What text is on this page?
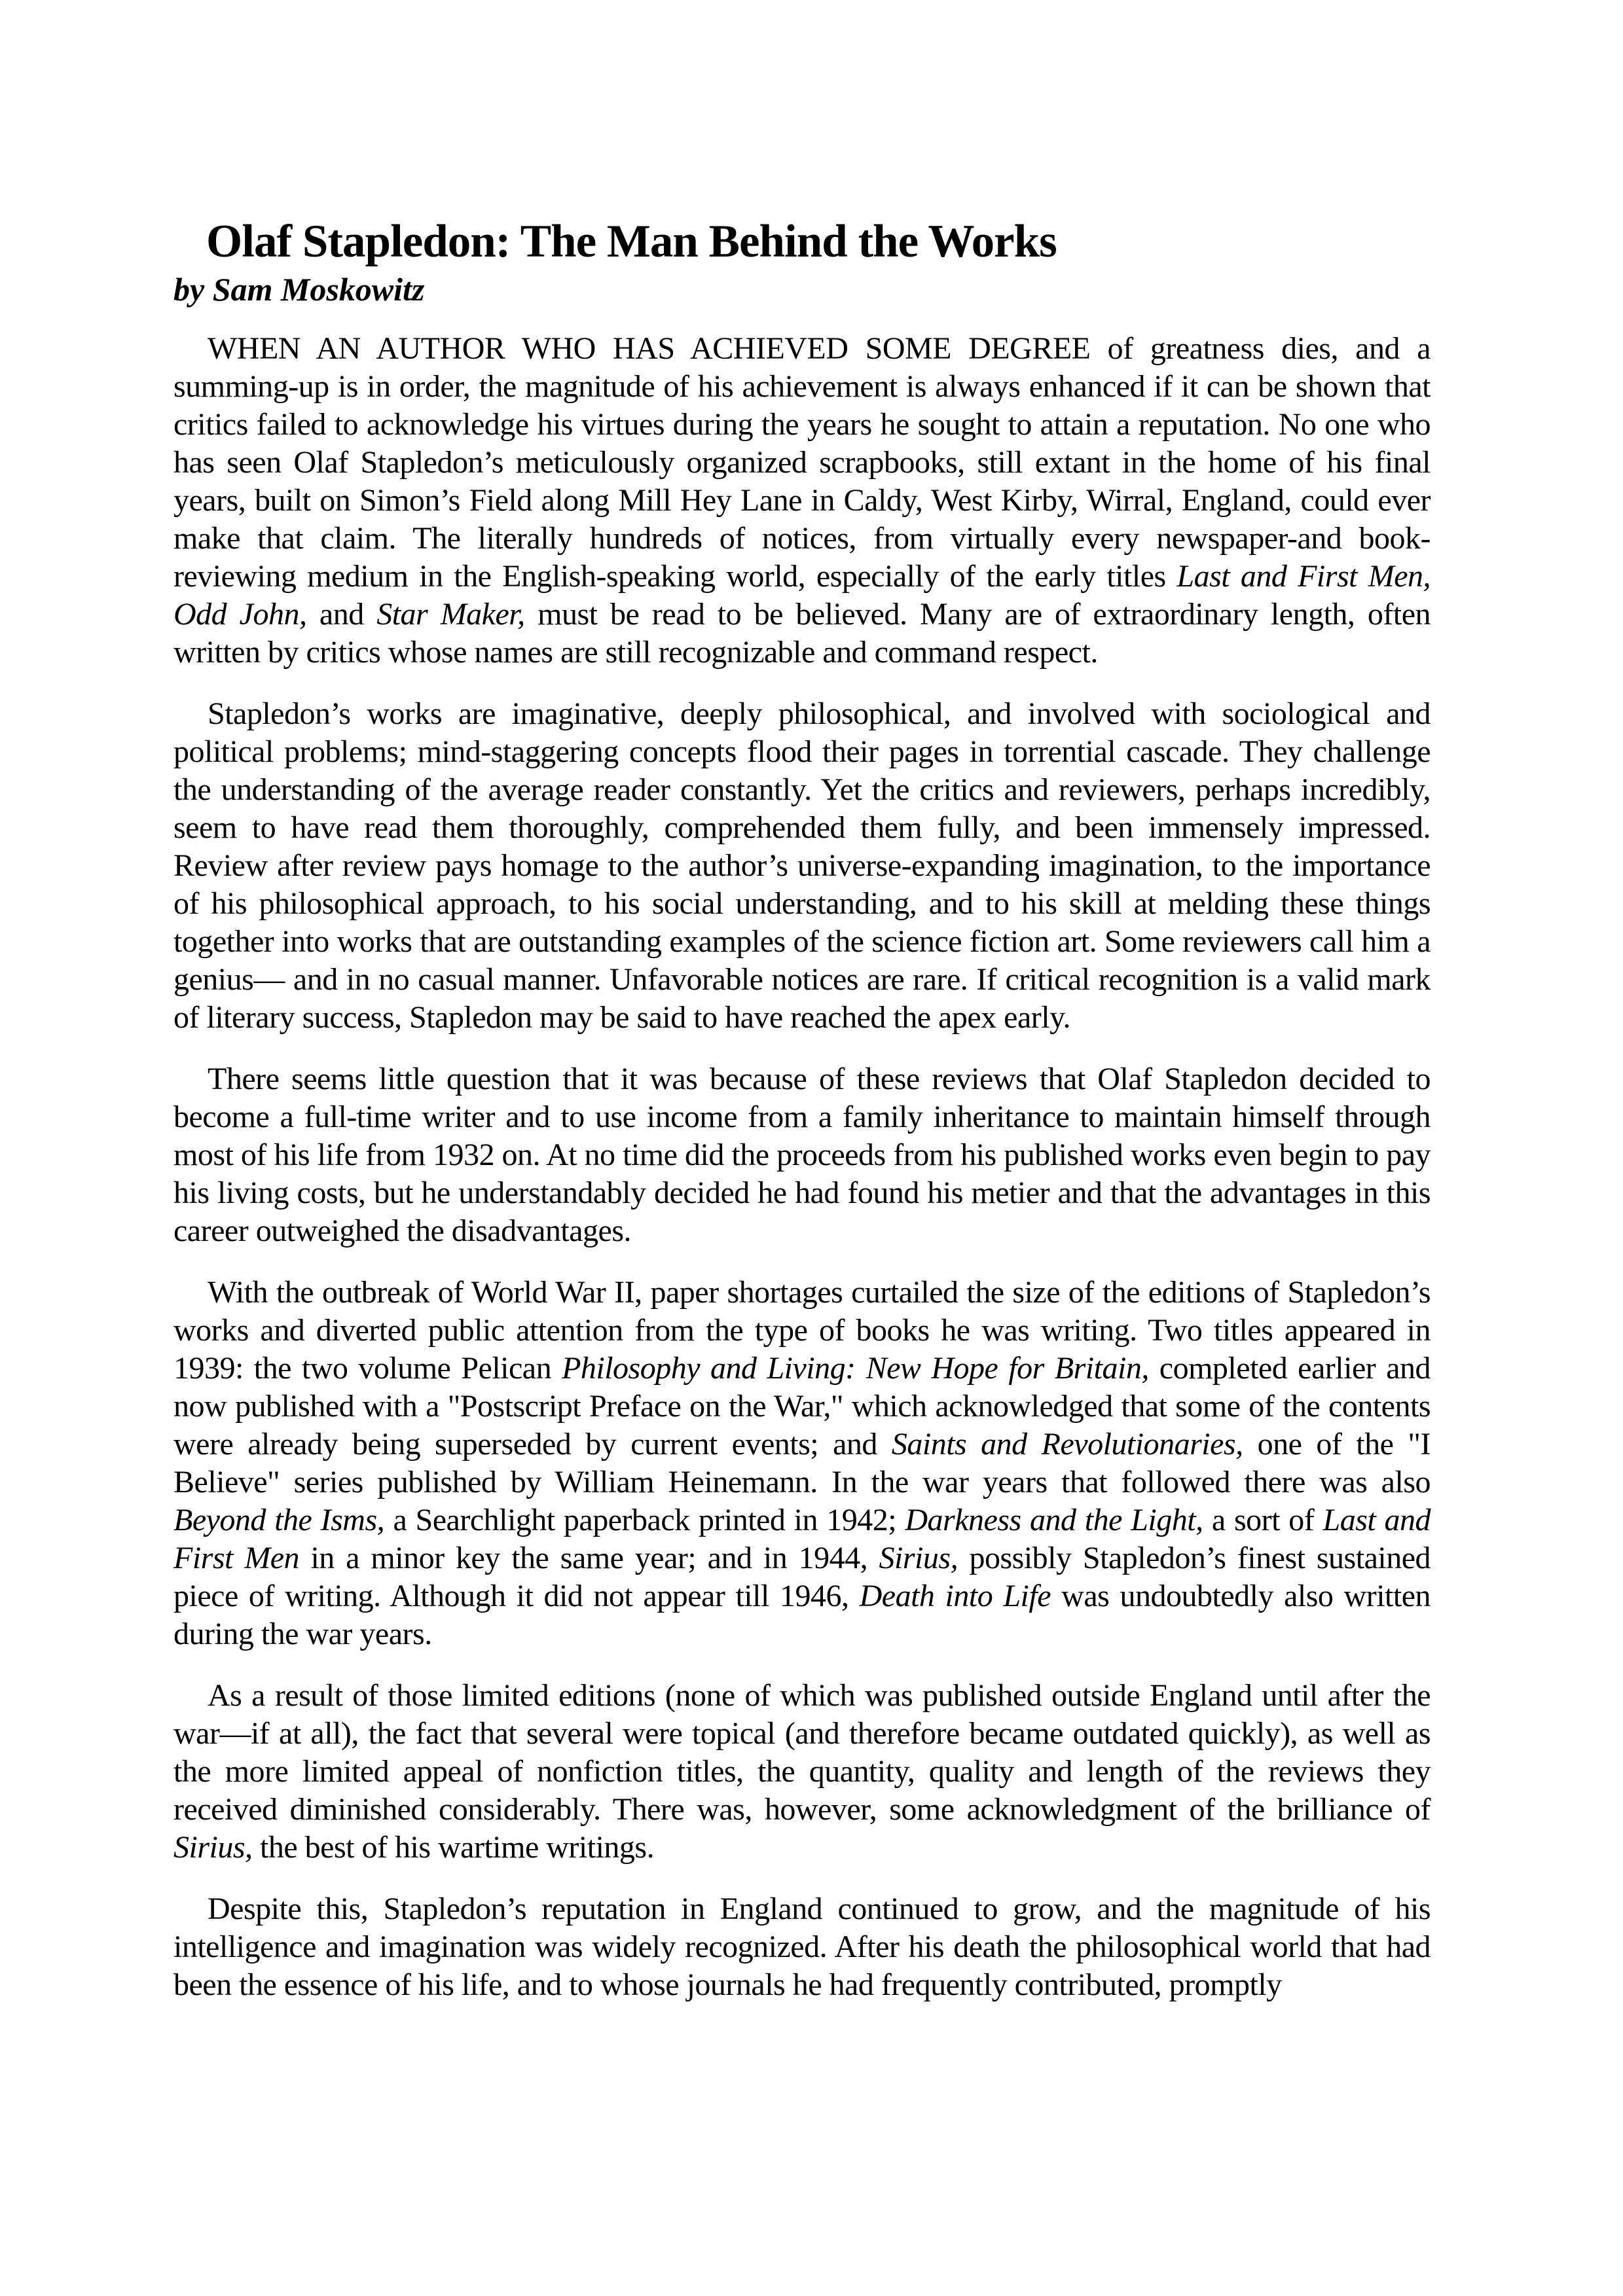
Olaf Stapledon: The Man Behind the Works
by Sam Moskowitz

WHEN AN AUTHOR WHO HAS ACHIEVED SOME DEGREE of greatness dies, and a summing-up is in order, the magnitude of his achievement is always enhanced if it can be shown that critics failed to acknowledge his virtues during the years he sought to attain a reputation. No one who has seen Olaf Stapledon’s meticulously organized scrapbooks, still extant in the home of his final years, built on Simon’s Field along Mill Hey Lane in Caldy, West Kirby, Wirral, England, could ever make that claim. The literally hundreds of notices, from virtually every newspaper-and book-reviewing medium in the English-speaking world, especially of the early titles Last and First Men, Odd John, and Star Maker, must be read to be believed. Many are of extraordinary length, often written by critics whose names are still recognizable and command respect.

Stapledon’s works are imaginative, deeply philosophical, and involved with sociological and political problems; mind-staggering concepts flood their pages in torrential cascade. They challenge the understanding of the average reader constantly. Yet the critics and reviewers, perhaps incredibly, seem to have read them thoroughly, comprehended them fully, and been immensely impressed. Review after review pays homage to the author’s universe-expanding imagination, to the importance of his philosophical approach, to his social understanding, and to his skill at melding these things together into works that are outstanding examples of the science fiction art. Some reviewers call him a genius— and in no casual manner. Unfavorable notices are rare. If critical recognition is a valid mark of literary success, Stapledon may be said to have reached the apex early.

There seems little question that it was because of these reviews that Olaf Stapledon decided to become a full-time writer and to use income from a family inheritance to maintain himself through most of his life from 1932 on. At no time did the proceeds from his published works even begin to pay his living costs, but he understandably decided he had found his metier and that the advantages in this career outweighed the disadvantages.

With the outbreak of World War II, paper shortages curtailed the size of the editions of Stapledon’s works and diverted public attention from the type of books he was writing. Two titles appeared in 1939: the two volume Pelican Philosophy and Living: New Hope for Britain, completed earlier and now published with a "Postscript Preface on the War," which acknowledged that some of the contents were already being superseded by current events; and Saints and Revolutionaries, one of the "I Believe" series published by William Heinemann. In the war years that followed there was also Beyond the Isms, a Searchlight paperback printed in 1942; Darkness and the Light, a sort of Last and First Men in a minor key the same year; and in 1944, Sirius, possibly Stapledon’s finest sustained piece of writing. Although it did not appear till 1946, Death into Life was undoubtedly also written during the war years.

As a result of those limited editions (none of which was published outside England until after the war—if at all), the fact that several were topical (and therefore became outdated quickly), as well as the more limited appeal of nonfiction titles, the quantity, quality and length of the reviews they received diminished considerably. There was, however, some acknowledgment of the brilliance of Sirius, the best of his wartime writings.

Despite this, Stapledon’s reputation in England continued to grow, and the magnitude of his intelligence and imagination was widely recognized. After his death the philosophical world that had been the essence of his life, and to whose journals he had frequently contributed, promptly
